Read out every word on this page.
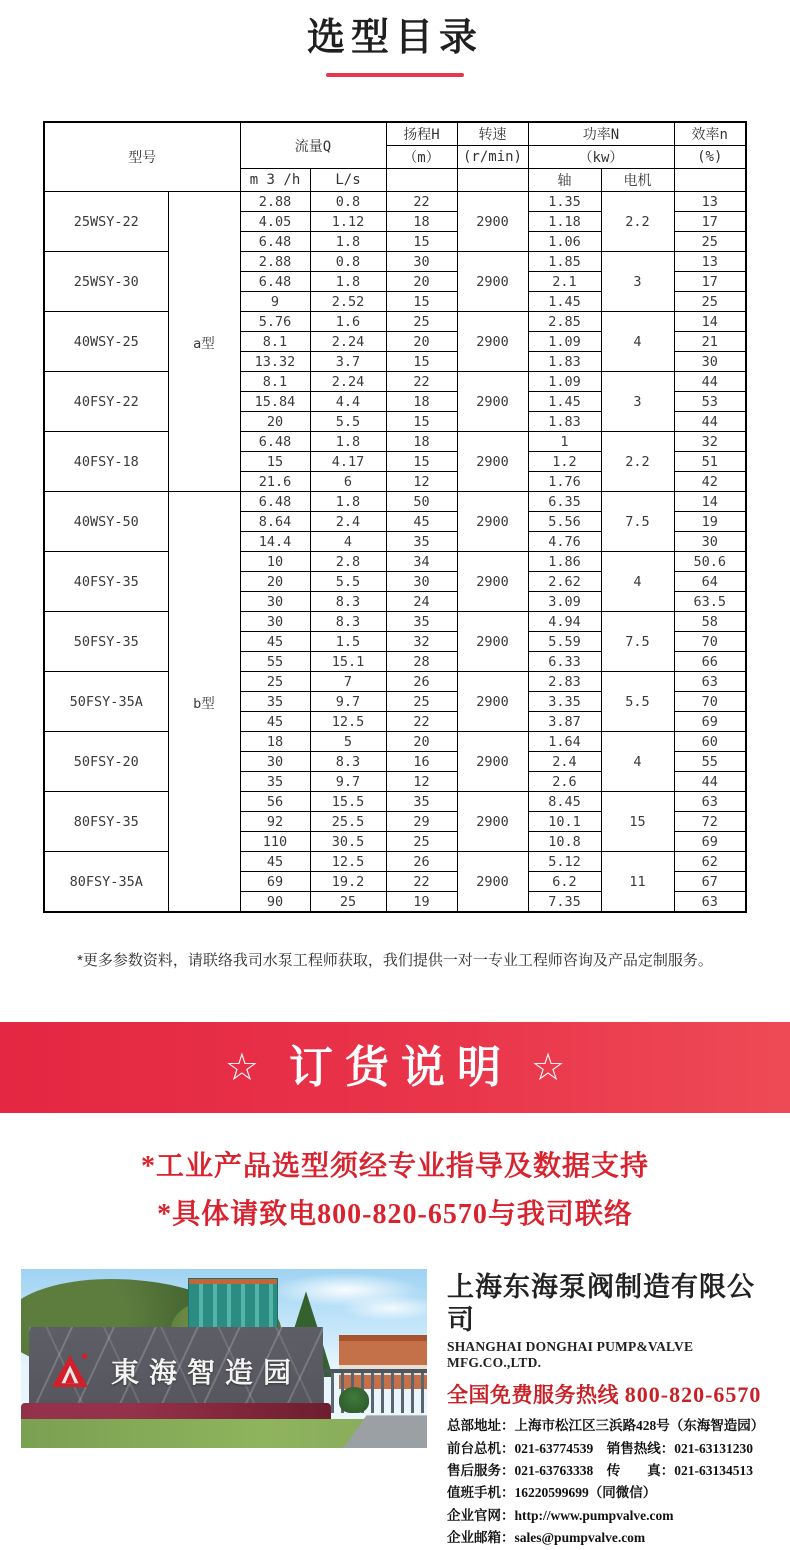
选型目录
型号		流量Q		扬程H	转速	功率N		效率n
				（m）	(r/min)	（kw）		(%)
		m 3 /h	L/s			轴	电机	
25WSY-22	a型	2.88	0.8	22	2900	1.35	2.2	13
		4.05	1.12	18		1.18		17
		6.48	1.8	15		1.06		25
25WSY-30		2.88	0.8	30	2900	1.85	3	13
		6.48	1.8	20		2.1		17
		9	2.52	15		1.45		25
40WSY-25		5.76	1.6	25	2900	2.85	4	14
		8.1	2.24	20		1.09		21
		13.32	3.7	15		1.83		30
40FSY-22		8.1	2.24	22	2900	1.09	3	44
		15.84	4.4	18		1.45		53
		20	5.5	15		1.83		44
40FSY-18		6.48	1.8	18	2900	1	2.2	32
		15	4.17	15		1.2		51
		21.6	6	12		1.76		42
40WSY-50	b型	6.48	1.8	50	2900	6.35	7.5	14
		8.64	2.4	45		5.56		19
		14.4	4	35		4.76		30
40FSY-35		10	2.8	34	2900	1.86	4	50.6
		20	5.5	30		2.62		64
		30	8.3	24		3.09		63.5
50FSY-35		30	8.3	35	2900	4.94	7.5	58
		45	1.5	32		5.59		70
		55	15.1	28		6.33		66
50FSY-35A		25	7	26	2900	2.83	5.5	63
		35	9.7	25		3.35		70
		45	12.5	22		3.87		69
50FSY-20		18	5	20	2900	1.64	4	60
		30	8.3	16		2.4		55
		35	9.7	12		2.6		44
80FSY-35		56	15.5	35	2900	8.45	15	63
		92	25.5	29		10.1		72
		110	30.5	25		10.8		69
80FSY-35A		45	12.5	26	2900	5.12	11	62
		69	19.2	22		6.2		67
		90	25	19		7.35		63

*更多参数资料，请联络我司水泵工程师获取，我们提供一对一专业工程师咨询及产品定制服务。

☆ 订货说明 ☆

*工业产品选型须经专业指导及数据支持

*具体请致电800-820-6570与我司联络

東海智造园
上海东海泵阀制造有限公司
SHANGHAI DONGHAI PUMP&VALVE MFG.CO.,LTD.
全国免费服务热线 800-820-6570
总部地址：上海市松江区三浜路428号（东海智造园）
前台总机：021-63774539　销售热线：021-63131230
售后服务：021-63763338　传　　真：021-63134513
值班手机：16220599699（同微信）
企业官网：http://www.pumpvalve.com
企业邮箱：sales@pumpvalve.com
